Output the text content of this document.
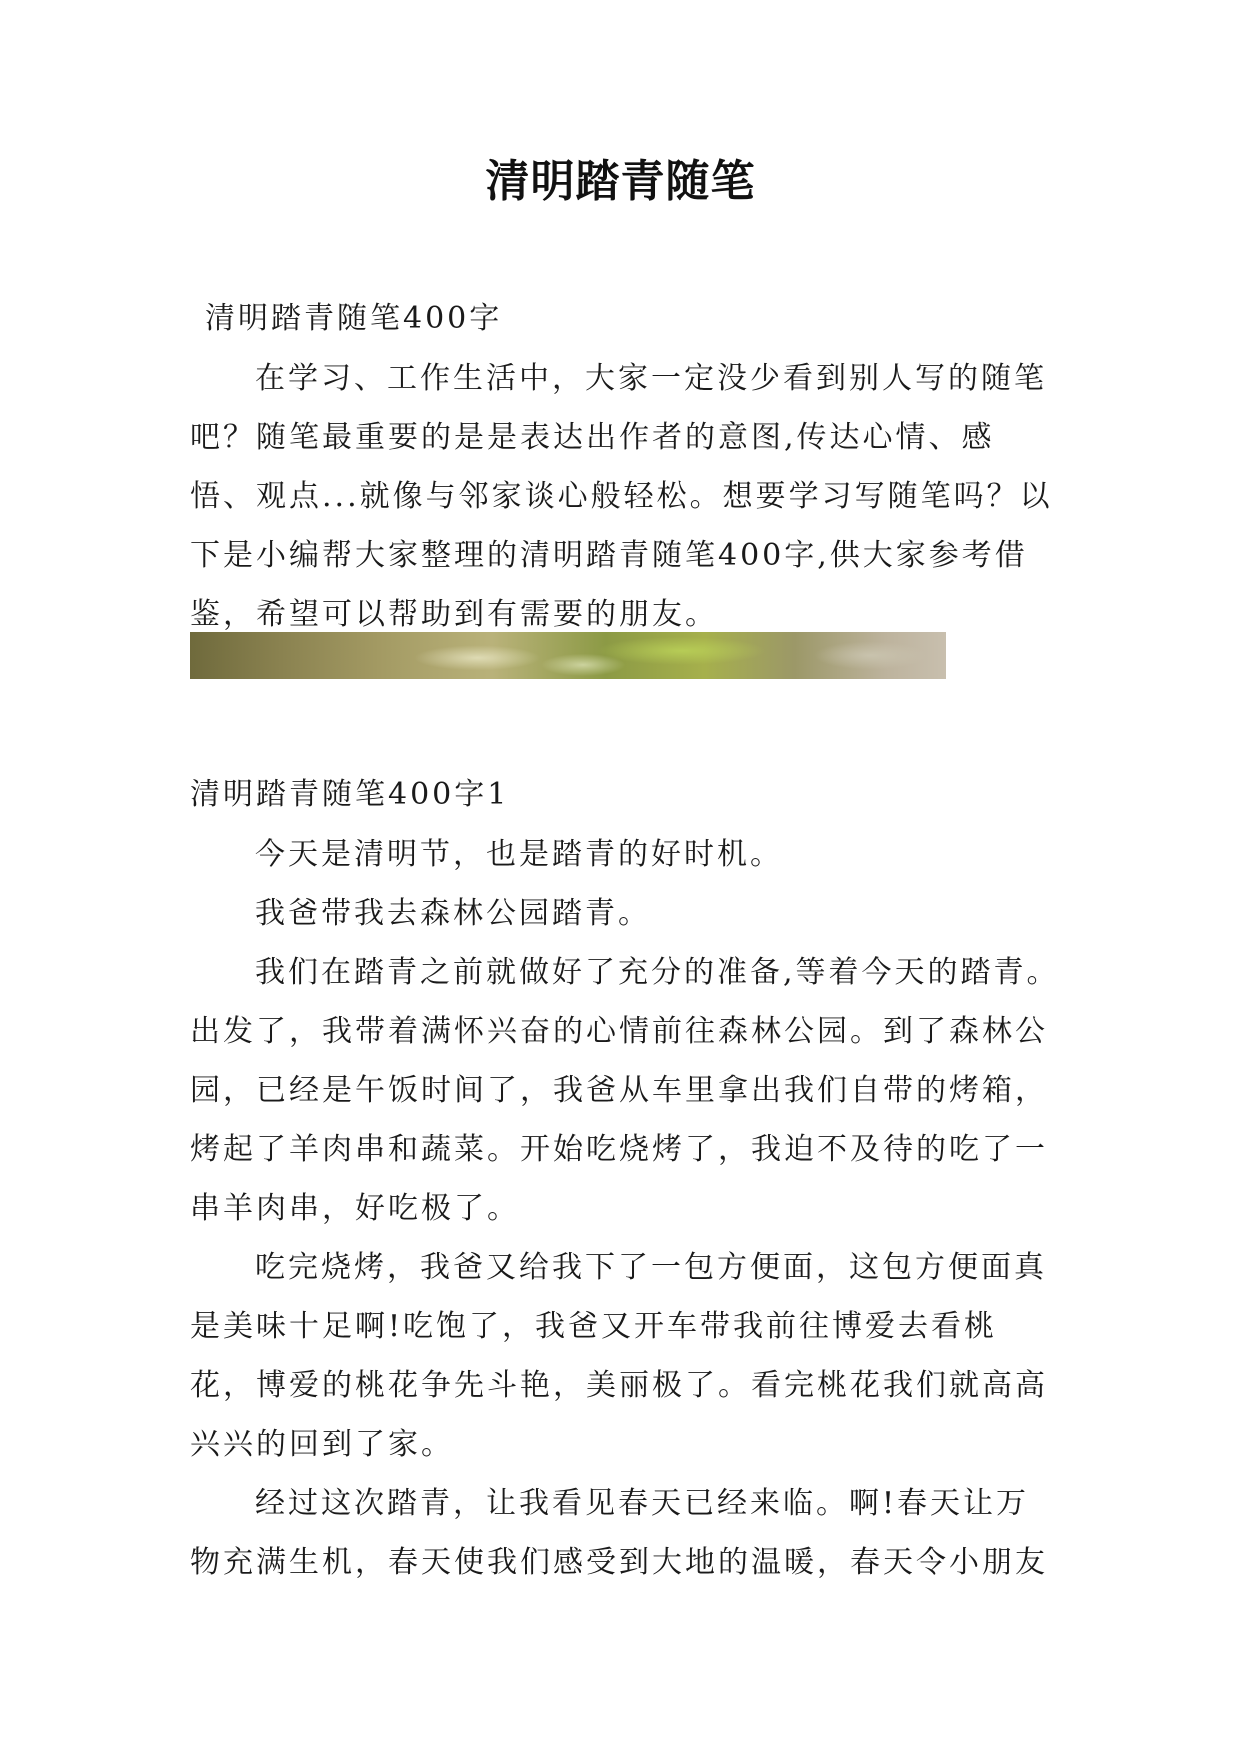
清明踏青随笔

清明踏青随笔400字

在学习、工作生活中，大家一定没少看到别人写的随笔吧？随笔最重要的是是表达出作者的意图,传达心情、感悟、观点...就像与邻家谈心般轻松。想要学习写随笔吗？以下是小编帮大家整理的清明踏青随笔400字,供大家参考借鉴，希望可以帮助到有需要的朋友。

清明踏青随笔400字1

今天是清明节，也是踏青的好时机。

我爸带我去森林公园踏青。

我们在踏青之前就做好了充分的准备,等着今天的踏青。出发了，我带着满怀兴奋的心情前往森林公园。到了森林公园，已经是午饭时间了，我爸从车里拿出我们自带的烤箱，烤起了羊肉串和蔬菜。开始吃烧烤了，我迫不及待的吃了一串羊肉串，好吃极了。

吃完烧烤，我爸又给我下了一包方便面，这包方便面真是美味十足啊!吃饱了，我爸又开车带我前往博爱去看桃花，博爱的桃花争先斗艳，美丽极了。看完桃花我们就高高兴兴的回到了家。

经过这次踏青，让我看见春天已经来临。啊!春天让万物充满生机，春天使我们感受到大地的温暖，春天令小朋友
